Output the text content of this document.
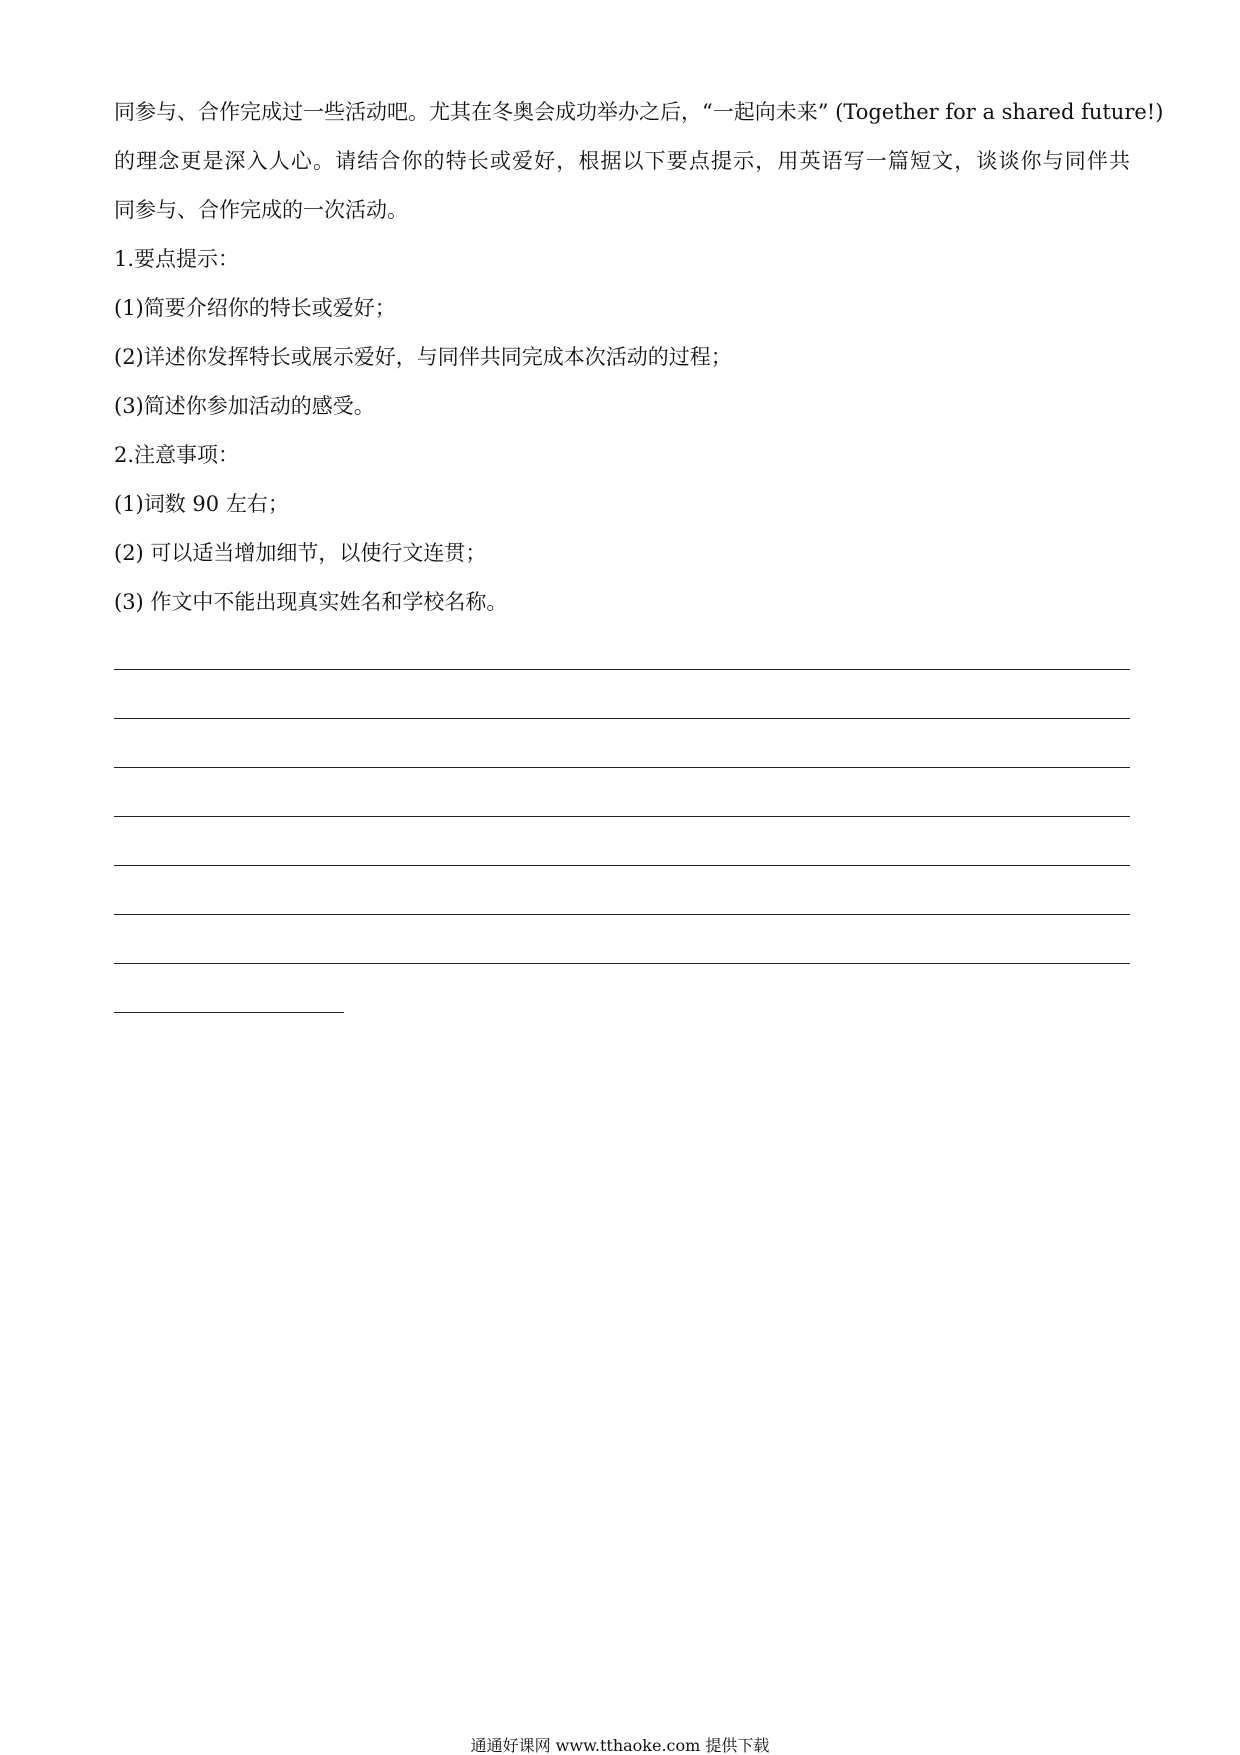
同参与、合作完成过一些活动吧。尤其在冬奥会成功举办之后，“一起向未来” (Together for a shared future!)
的理念更是深入人心。请结合你的特长或爱好，根据以下要点提示，用英语写一篇短文，谈谈你与同伴共
同参与、合作完成的一次活动。
1.要点提示：
(1)简要介绍你的特长或爱好；
(2)详述你发挥特长或展示爱好，与同伴共同完成本次活动的过程；
(3)简述你参加活动的感受。
2.注意事项：
(1)词数 90 左右；
(2) 可以适当增加细节，以使行文连贯；
(3) 作文中不能出现真实姓名和学校名称。
通通好课网 www.tthaoke.com 提供下载
